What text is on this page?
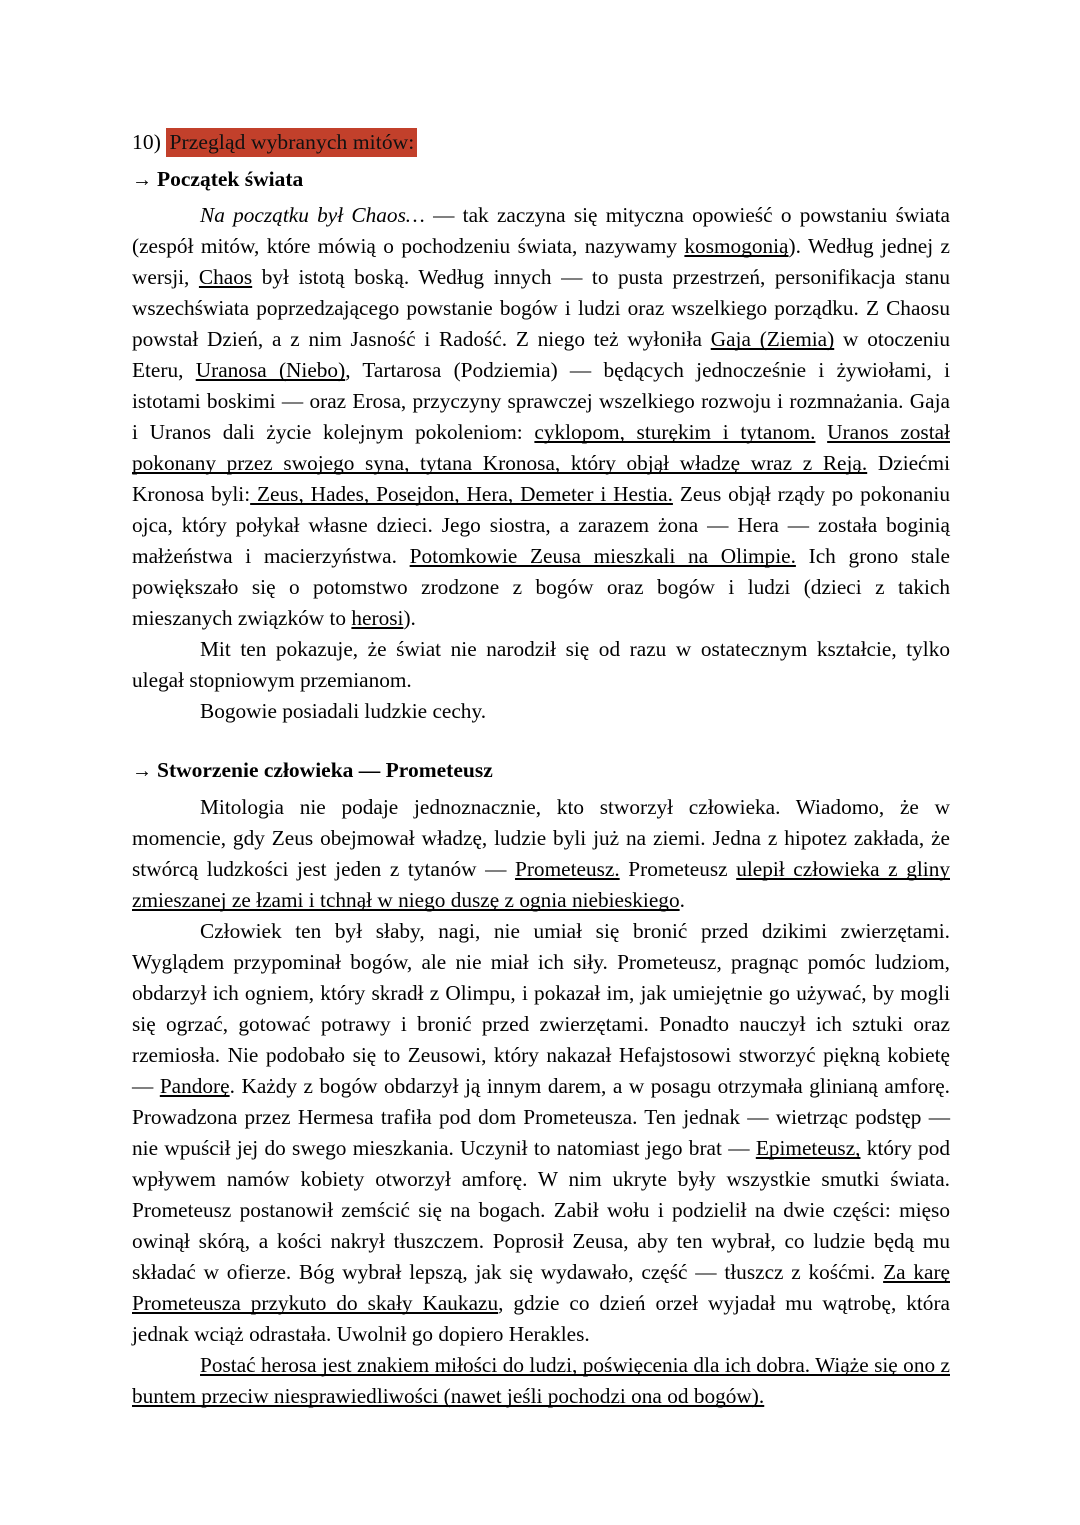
10) Przegląd wybranych mitów:
→ Początek świata

Na początku był Chaos… — tak zaczyna się mityczna opowieść o powstaniu świata (zespół mitów, które mówią o pochodzeniu świata, nazywamy kosmogonią). Według jednej z wersji, Chaos był istotą boską. Według innych — to pusta przestrzeń, personifikacja stanu wszechświata poprzedzającego powstanie bogów i ludzi oraz wszelkiego porządku. Z Chaosu powstał Dzień, a z nim Jasność i Radość. Z niego też wyłoniła Gaja (Ziemia) w otoczeniu Eteru, Uranosa (Niebo), Tartarosa (Podziemia) — będących jednocześnie i żywiołami, i istotami boskimi — oraz Erosa, przyczyny sprawczej wszelkiego rozwoju i rozmnażania. Gaja i Uranos dali życie kolejnym pokoleniom: cyklopom, sturękim i tytanom. Uranos został pokonany przez swojego syna, tytana Kronosa, który objął władzę wraz z Reją. Dziećmi Kronosa byli: Zeus, Hades, Posejdon, Hera, Demeter i Hestia. Zeus objął rządy po pokonaniu ojca, który połykał własne dzieci. Jego siostra, a zarazem żona — Hera — została boginią małżeństwa i macierzyństwa. Potomkowie Zeusa mieszkali na Olimpie. Ich grono stale powiększało się o potomstwo zrodzone z bogów oraz bogów i ludzi (dzieci z takich mieszanych związków to herosi).

Mit ten pokazuje, że świat nie narodził się od razu w ostatecznym kształcie, tylko ulegał stopniowym przemianom.

Bogowie posiadali ludzkie cechy.

→ Stworzenie człowieka — Prometeusz

Mitologia nie podaje jednoznacznie, kto stworzył człowieka. Wiadomo, że w momencie, gdy Zeus obejmował władzę, ludzie byli już na ziemi. Jedna z hipotez zakłada, że stwórcą ludzkości jest jeden z tytanów — Prometeusz. Prometeusz ulepił człowieka z gliny zmieszanej ze łzami i tchnął w niego duszę z ognia niebieskiego.

Człowiek ten był słaby, nagi, nie umiał się bronić przed dzikimi zwierzętami. Wyglądem przypominał bogów, ale nie miał ich siły. Prometeusz, pragnąc pomóc ludziom, obdarzył ich ogniem, który skradł z Olimpu, i pokazał im, jak umiejętnie go używać, by mogli się ogrzać, gotować potrawy i bronić przed zwierzętami. Ponadto nauczył ich sztuki oraz rzemiosła. Nie podobało się to Zeusowi, który nakazał Hefajstosowi stworzyć piękną kobietę — Pandorę. Każdy z bogów obdarzył ją innym darem, a w posagu otrzymała glinianą amforę. Prowadzona przez Hermesa trafiła pod dom Prometeusza. Ten jednak — wietrząc podstęp — nie wpuścił jej do swego mieszkania. Uczynił to natomiast jego brat — Epimeteusz, który pod wpływem namów kobiety otworzył amforę. W nim ukryte były wszystkie smutki świata. Prometeusz postanowił zemścić się na bogach. Zabił wołu i podzielił na dwie części: mięso owinął skórą, a kości nakrył tłuszczem. Poprosił Zeusa, aby ten wybrał, co ludzie będą mu składać w ofierze. Bóg wybrał lepszą, jak się wydawało, część — tłuszcz z kośćmi. Za karę Prometeusza przykuto do skały Kaukazu, gdzie co dzień orzeł wyjadał mu wątrobę, która jednak wciąż odrastała. Uwolnił go dopiero Herakles.

Postać herosa jest znakiem miłości do ludzi, poświęcenia dla ich dobra. Wiąże się ono z buntem przeciw niesprawiedliwości (nawet jeśli pochodzi ona od bogów).
